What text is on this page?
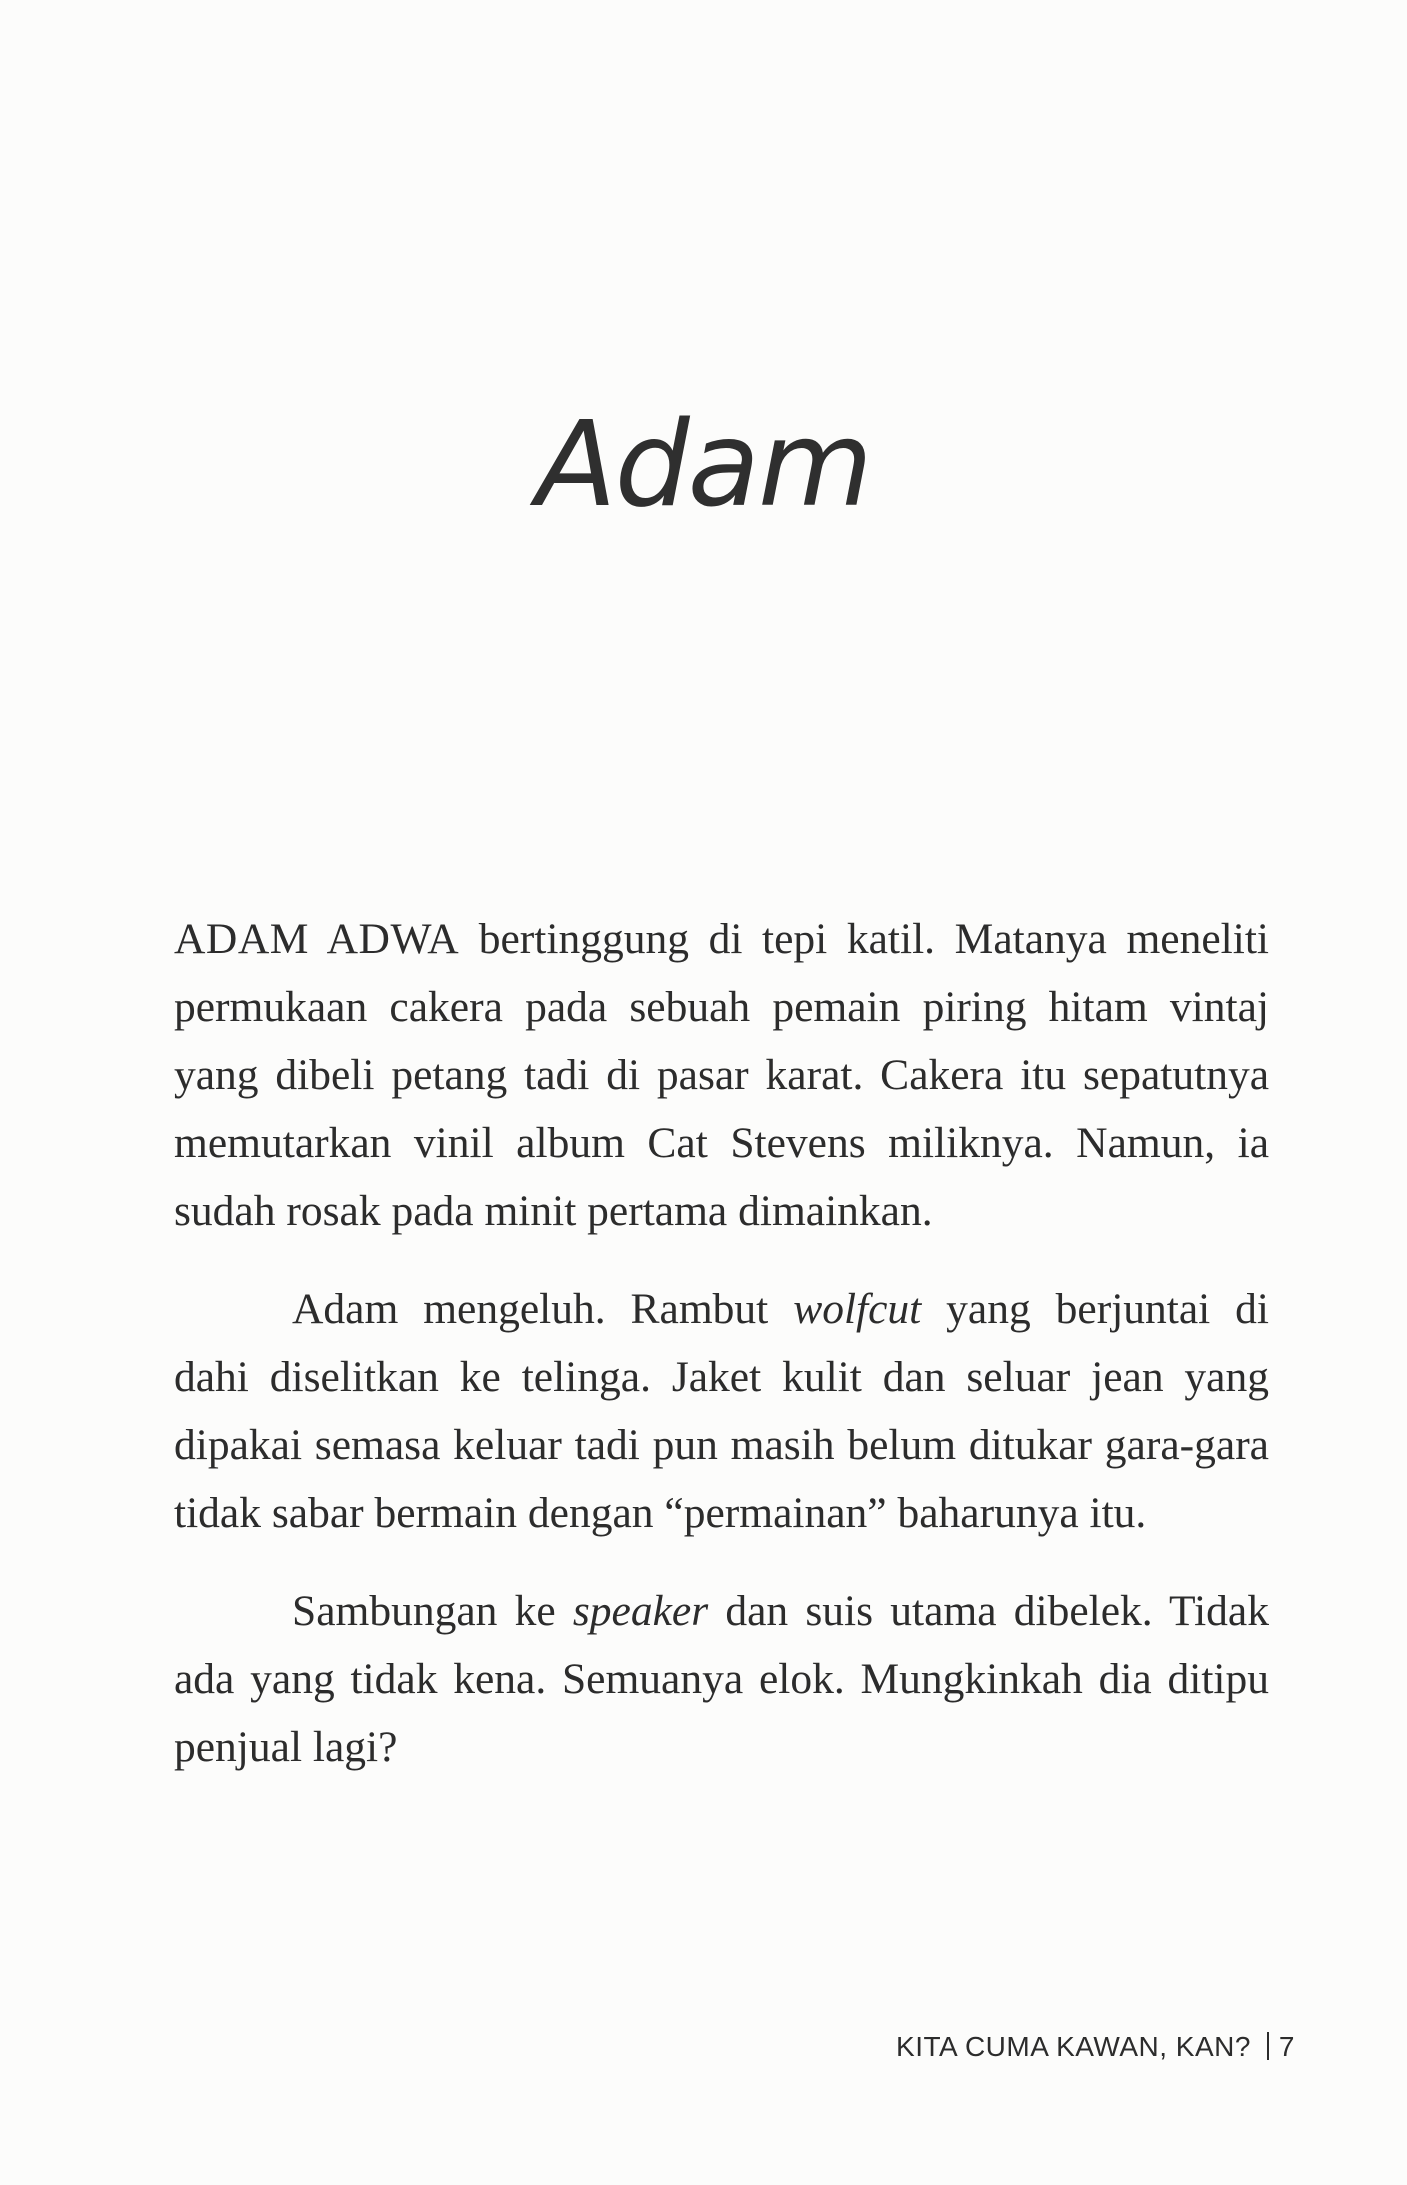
Adam

ADAM ADWA bertinggung di tepi katil. Matanya meneliti permukaan cakera pada sebuah pemain piring hitam vintaj yang dibeli petang tadi di pasar karat. Cakera itu sepatutnya memutarkan vinil album Cat Stevens miliknya. Namun, ia sudah rosak pada minit pertama dimainkan.

Adam mengeluh. Rambut wolfcut yang berjuntai di dahi diselitkan ke telinga. Jaket kulit dan seluar jean yang dipakai semasa keluar tadi pun masih belum ditukar gara-gara tidak sabar bermain dengan “permainan” baharunya itu.

Sambungan ke speaker dan suis utama dibelek. Tidak ada yang tidak kena. Semuanya elok. Mungkinkah dia ditipu penjual lagi?

KITA CUMA KAWAN, KAN? 7
